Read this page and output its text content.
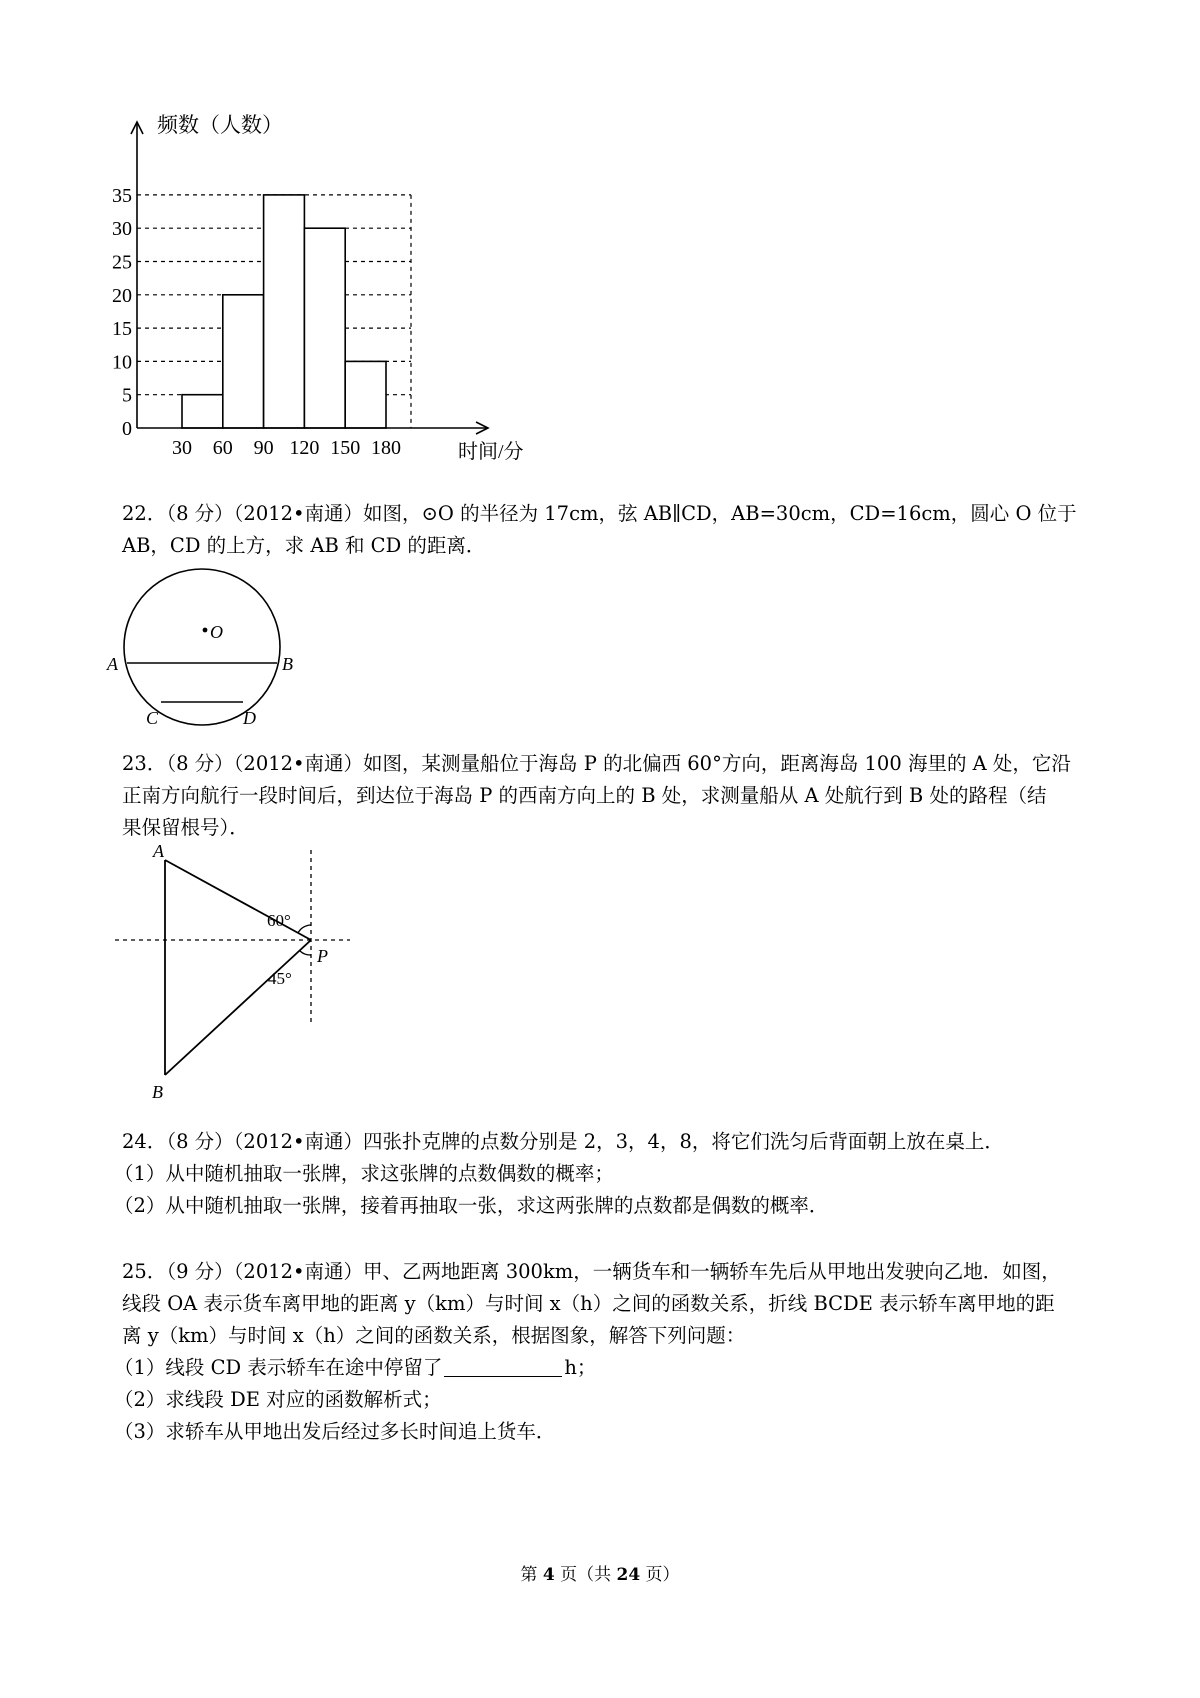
0
5
10
15
20
25
30
35
30 60 90 120 150 180
频数（人数）
时间/分
22．（8 分）（2012•南通）如图，⊙O 的半径为 17cm，弦 AB∥CD，AB=30cm，CD=16cm，圆心 O 位于
AB，CD 的上方，求 AB 和 CD 的距离．
O
A	B
C	D
23．（8 分）（2012•南通）如图，某测量船位于海岛 P 的北偏西 60°方向，距离海岛 100 海里的 A 处，它沿
正南方向航行一段时间后，到达位于海岛 P 的西南方向上的 B 处，求测量船从 A 处航行到 B 处的路程（结
果保留根号）．
A
B
P
60°
45°
24．（8 分）（2012•南通）四张扑克牌的点数分别是 2，3，4，8，将它们洗匀后背面朝上放在桌上．
（1）从中随机抽取一张牌，求这张牌的点数偶数的概率；
（2）从中随机抽取一张牌，接着再抽取一张，求这两张牌的点数都是偶数的概率．
25．（9 分）（2012•南通）甲、乙两地距离 300km，一辆货车和一辆轿车先后从甲地出发驶向乙地．如图，
线段 OA 表示货车离甲地的距离 y（km）与时间 x（h）之间的函数关系，折线 BCDE 表示轿车离甲地的距
离 y（km）与时间 x（h）之间的函数关系，根据图象，解答下列问题：
（1）线段 CD 表示轿车在途中停留了	h；
（2）求线段 DE 对应的函数解析式；
（3）求轿车从甲地出发后经过多长时间追上货车．
第 4 页（共 24 页）
